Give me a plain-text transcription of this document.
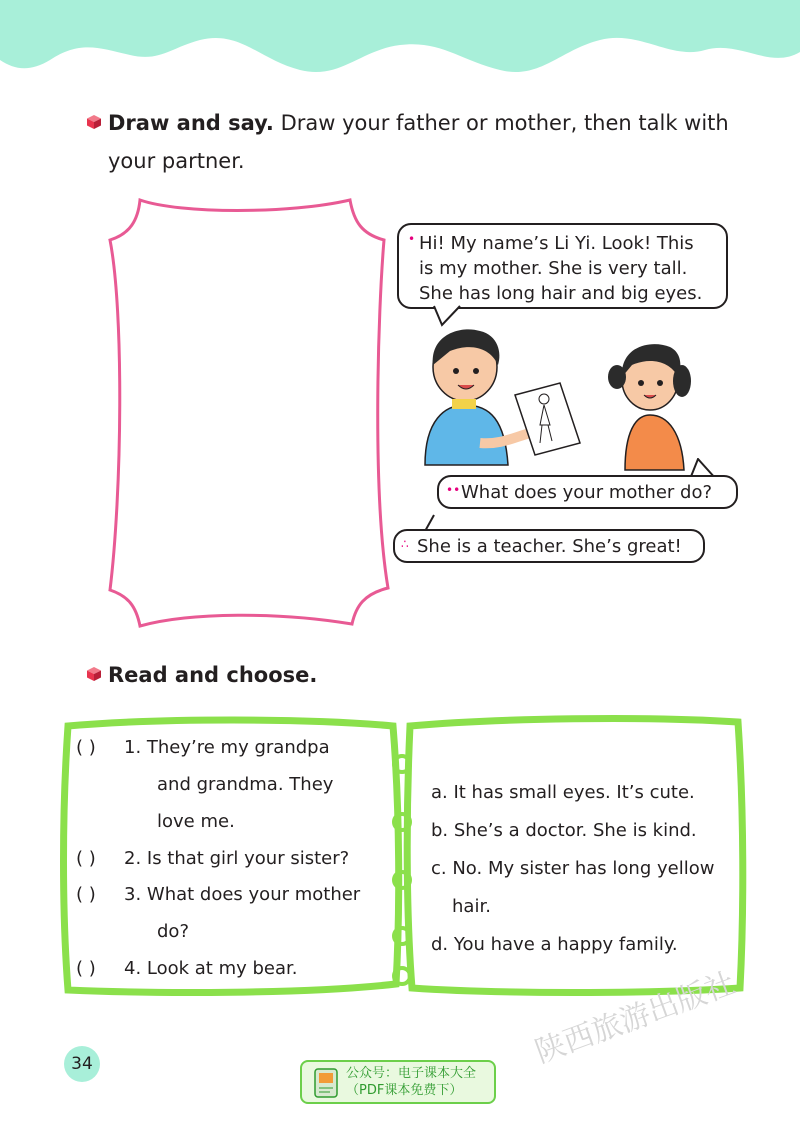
Draw and say. Draw your father or mother, then talk with
your partner.
• Hi! My name’s Li Yi. Look! This
is my mother. She is very tall.
She has long hair and big eyes.
•• What does your mother do?
∴ She is a teacher. She’s great!
Read and choose.
( ) 1. They’re my grandpa
and grandma. They
love me.
( ) 2. Is that girl your sister?
( ) 3. What does your mother
do?
( ) 4. Look at my bear.
a. It has small eyes. It’s cute.
b. She’s a doctor. She is kind.
c. No. My sister has long yellow
hair.
d. You have a happy family.
34	公众号：电子课本大全
（PDF课本免费下）
陕西旅游出版社
